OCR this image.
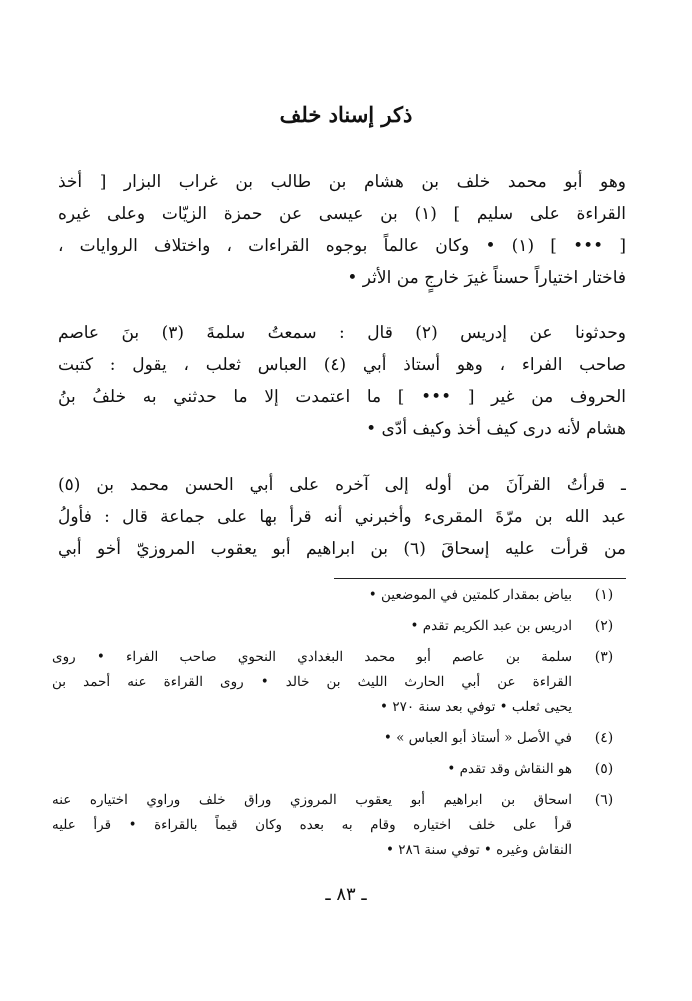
ذكر إسناد خلف
وهو أبو محمد خلف بن هشام بن طالب بن غراب البزار [ أخذ
القراءة على سليم ] (١) بن عيسى عن حمزة الزيّات وعلى غيره
[ ••• ] (١) • وكان عالماً بوجوه القراءات ، واختلاف الروايات ،
فاختار اختياراً حسناً غيرَ خارجٍ من الأثر •
وحدثونا عن إدريس (٢) قال : سمعتُ سلمةَ (٣) بنَ عاصم
صاحب الفراء ، وهو أستاذ أبي (٤) العباس ثعلب ، يقول : كتبت
الحروف من غير [ ••• ] ما اعتمدت إلا ما حدثني به خلفُ بنُ
هشام لأنه درى كيف أخذ وكيف أدّى •
ـ قرأتُ القرآنَ من أوله إلى آخره على أبي الحسن محمد بن (٥)
عبد الله بن مرّةَ المقرىء وأخبرني أنه قرأ بها على جماعة قال : فأولُ
من قرأت عليه إسحاقَ (٦) بن ابراهيم أبو يعقوب المروزيّ أخو أبي
(١)
بياض بمقدار كلمتين في الموضعين •
(٢)
ادريس بن عبد الكريم تقدم •
(٣)
سلمة بن عاصم أبو محمد البغدادي النحوي صاحب الفراء • روى
القراءة عن أبي الحارث الليث بن خالد • روى القراءة عنه أحمد بن
يحيى ثعلب • توفي بعد سنة ٢٧٠ •
(٤)
في الأصل « أستاذ أبو العباس » •
(٥)
هو النقاش وقد تقدم •
(٦)
اسحاق بن ابراهيم أبو يعقوب المروزي وراق خلف وراوي اختياره عنه
قرأ على خلف اختياره وقام به بعده وكان قيماً بالقراءة • قرأ عليه
النقاش وغيره • توفي سنة ٢٨٦ •
ـ ٨٣ ـ
